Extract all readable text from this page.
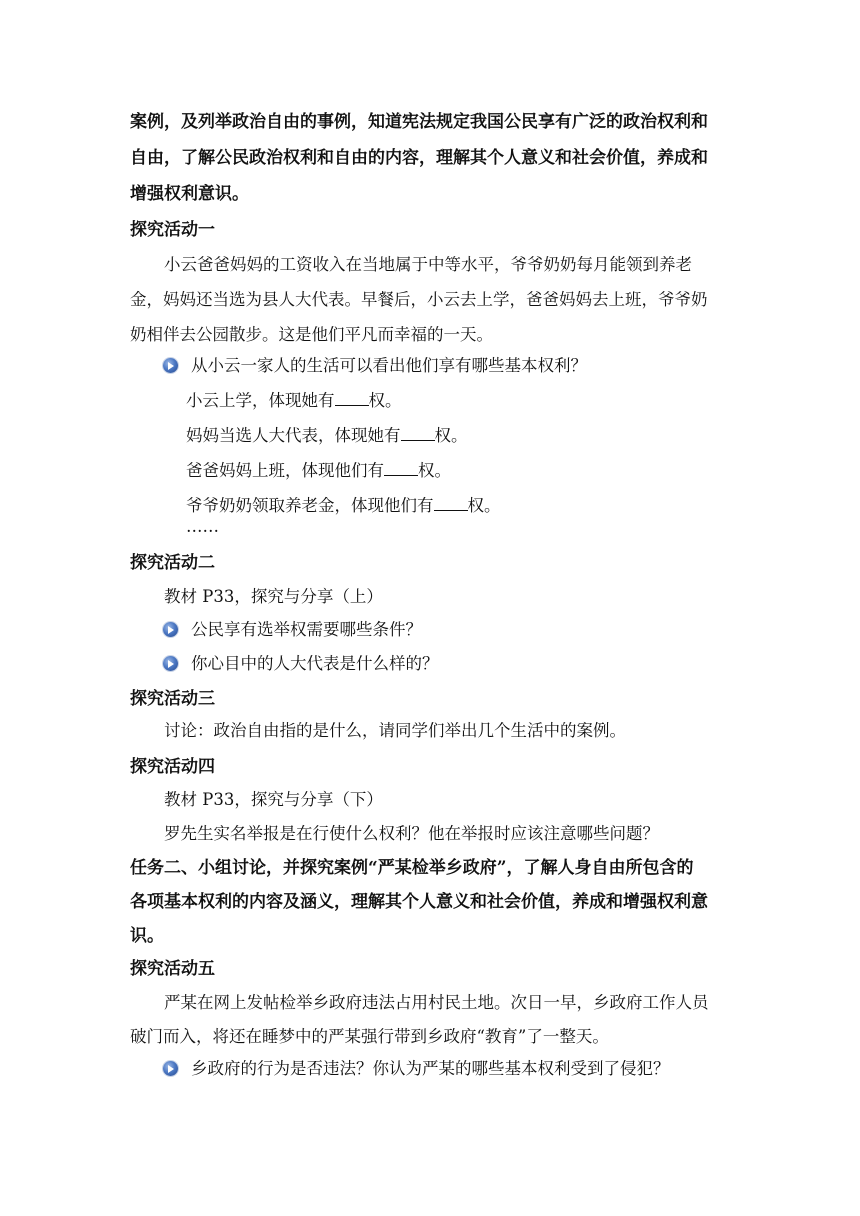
案例，及列举政治自由的事例，知道宪法规定我国公民享有广泛的政治权利和
自由，了解公民政治权利和自由的内容，理解其个人意义和社会价值，养成和
增强权利意识。
探究活动一
小云爸爸妈妈的工资收入在当地属于中等水平，爷爷奶奶每月能领到养老
金，妈妈还当选为县人大代表。早餐后，小云去上学，爸爸妈妈去上班，爷爷奶
奶相伴去公园散步。这是他们平凡而幸福的一天。
从小云一家人的生活可以看出他们享有哪些基本权利？
小云上学，体现她有 权。
妈妈当选人大代表，体现她有 权。
爸爸妈妈上班，体现他们有 权。
爷爷奶奶领取养老金，体现他们有 权。
……
探究活动二
教材 P33，探究与分享（上）
公民享有选举权需要哪些条件？
你心目中的人大代表是什么样的？
探究活动三
讨论：政治自由指的是什么，请同学们举出几个生活中的案例。
探究活动四
教材 P33，探究与分享（下）
罗先生实名举报是在行使什么权利？他在举报时应该注意哪些问题？
任务二、小组讨论，并探究案例“严某检举乡政府”，了解人身自由所包含的
各项基本权利的内容及涵义，理解其个人意义和社会价值，养成和增强权利意
识。
探究活动五
严某在网上发帖检举乡政府违法占用村民土地。次日一早，乡政府工作人员
破门而入，将还在睡梦中的严某强行带到乡政府“教育”了一整天。
乡政府的行为是否违法？你认为严某的哪些基本权利受到了侵犯？
